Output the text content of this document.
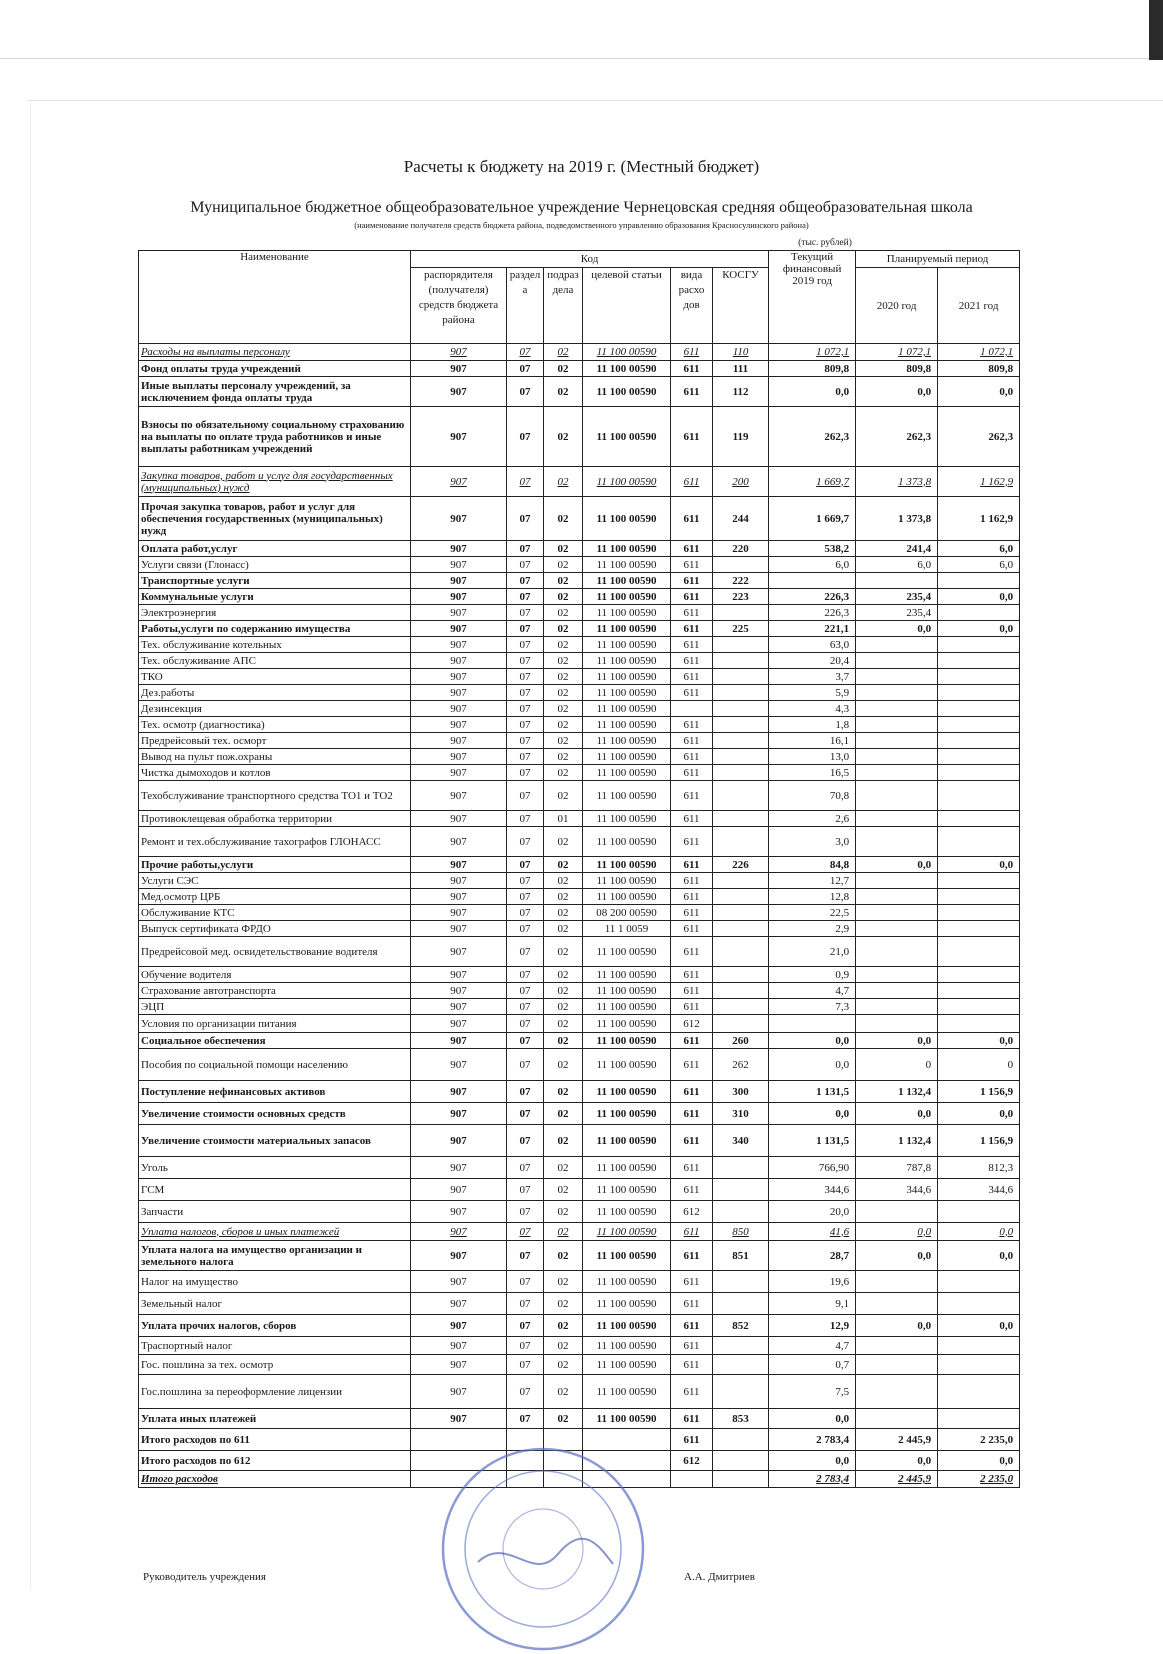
Расчеты к бюджету на 2019 г. (Местный бюджет)
Муниципальное бюджетное общеобразовательное учреждение Чернецовская средняя общеобразовательная школа
(наименование получателя средств бюджета района, подведомственного управлению образования Красносулинского района)
(тыс. рублей)
Наименование	Код						Текущий финансовый 2019 год	Планируемый период	
	распорядителя (получателя) средств бюджета района	раздел а	подраз дела	целевой статьи	вида расхо дов	КОСГУ		2020 год	2021 год
Расходы на выплаты персоналу	907	07	02	11 100 00590	611	110	1 072,1	1 072,1	1 072,1
Фонд оплаты труда учреждений	907	07	02	11 100 00590	611	111	809,8	809,8	809,8
Иные выплаты персоналу учреждений, за исключением фонда оплаты труда	907	07	02	11 100 00590	611	112	0,0	0,0	0,0
Взносы по обязательному социальному страхованию на выплаты по оплате труда работников и иные выплаты работникам учреждений	907	07	02	11 100 00590	611	119	262,3	262,3	262,3
Закупка товаров, работ и услуг для государственных (муниципальных) нужд	907	07	02	11 100 00590	611	200	1 669,7	1 373,8	1 162,9
Прочая закупка товаров, работ и услуг для обеспечения государственных (муниципальных) нужд	907	07	02	11 100 00590	611	244	1 669,7	1 373,8	1 162,9
Оплата работ,услуг	907	07	02	11 100 00590	611	220	538,2	241,4	6,0
Услуги связи (Глонасс)	907	07	02	11 100 00590	611		6,0	6,0	6,0
Транспортные услуги	907	07	02	11 100 00590	611	222			
Коммунальные услуги	907	07	02	11 100 00590	611	223	226,3	235,4	0,0
Электроэнергия	907	07	02	11 100 00590	611		226,3	235,4	
Работы,услуги по содержанию имущества	907	07	02	11 100 00590	611	225	221,1	0,0	0,0
Тех. обслуживание котельных	907	07	02	11 100 00590	611		63,0		
Тех. обслуживание АПС	907	07	02	11 100 00590	611		20,4		
ТКО	907	07	02	11 100 00590	611		3,7		
Дез.работы	907	07	02	11 100 00590	611		5,9		
Дезинсекция	907	07	02	11 100 00590			4,3		
Тех. осмотр (диагностика)	907	07	02	11 100 00590	611		1,8		
Предрейсовый тех. осморт	907	07	02	11 100 00590	611		16,1		
Вывод на пульт пож.охраны	907	07	02	11 100 00590	611		13,0		
Чистка дымоходов и котлов	907	07	02	11 100 00590	611		16,5		
Техобслуживание транспортного средства ТО1 и ТО2	907	07	02	11 100 00590	611		70,8		
Противоклещевая обработка территории	907	07	01	11 100 00590	611		2,6		
Ремонт и тех.обслуживание тахографов ГЛОНАСС	907	07	02	11 100 00590	611		3,0		
Прочие работы,услуги	907	07	02	11 100 00590	611	226	84,8	0,0	0,0
Услуги СЭС	907	07	02	11 100 00590	611		12,7		
Мед.осмотр ЦРБ	907	07	02	11 100 00590	611		12,8		
Обслуживание КТС	907	07	02	08 200 00590	611		22,5		
Выпуск сертификата ФРДО	907	07	02	11 1 0059	611		2,9		
Предрейсовой мед. освидетельствование водителя	907	07	02	11 100 00590	611		21,0		
Обучение водителя	907	07	02	11 100 00590	611		0,9		
Страхование автотранспорта	907	07	02	11 100 00590	611		4,7		
ЭЦП	907	07	02	11 100 00590	611		7,3		
Условия по организации питания	907	07	02	11 100 00590	612				
Социальное обеспечения	907	07	02	11 100 00590	611	260	0,0	0,0	0,0
Пособия по социальной помощи населению	907	07	02	11 100 00590	611	262	0,0	0	0
Поступление нефинансовых активов	907	07	02	11 100 00590	611	300	1 131,5	1 132,4	1 156,9
Увеличение стоимости основных средств	907	07	02	11 100 00590	611	310	0,0	0,0	0,0
Увеличение стоимости материальных запасов	907	07	02	11 100 00590	611	340	1 131,5	1 132,4	1 156,9
Уголь	907	07	02	11 100 00590	611		766,90	787,8	812,3
ГСМ	907	07	02	11 100 00590	611		344,6	344,6	344,6
Запчасти	907	07	02	11 100 00590	612		20,0		
Уплата налогов, сборов и иных платежей	907	07	02	11 100 00590	611	850	41,6	0,0	0,0
Уплата налога на имущество организации и земельного налога	907	07	02	11 100 00590	611	851	28,7	0,0	0,0
Налог на имущество	907	07	02	11 100 00590	611		19,6		
Земельный налог	907	07	02	11 100 00590	611		9,1		
Уплата прочих налогов, сборов	907	07	02	11 100 00590	611	852	12,9	0,0	0,0
Траспортный налог	907	07	02	11 100 00590	611		4,7		
Гос. пошлина за тех. осмотр	907	07	02	11 100 00590	611		0,7		
Гос.пошлина за переоформление лицензии	907	07	02	11 100 00590	611		7,5		
Уплата иных платежей	907	07	02	11 100 00590	611	853	0,0		
Итого расходов по 611					611		2 783,4	2 445,9	2 235,0
Итого расходов по 612					612		0,0	0,0	0,0
Итого расходов							2 783,4	2 445,9	2 235,0
Руководитель учреждения	А.А. Дмитриев
